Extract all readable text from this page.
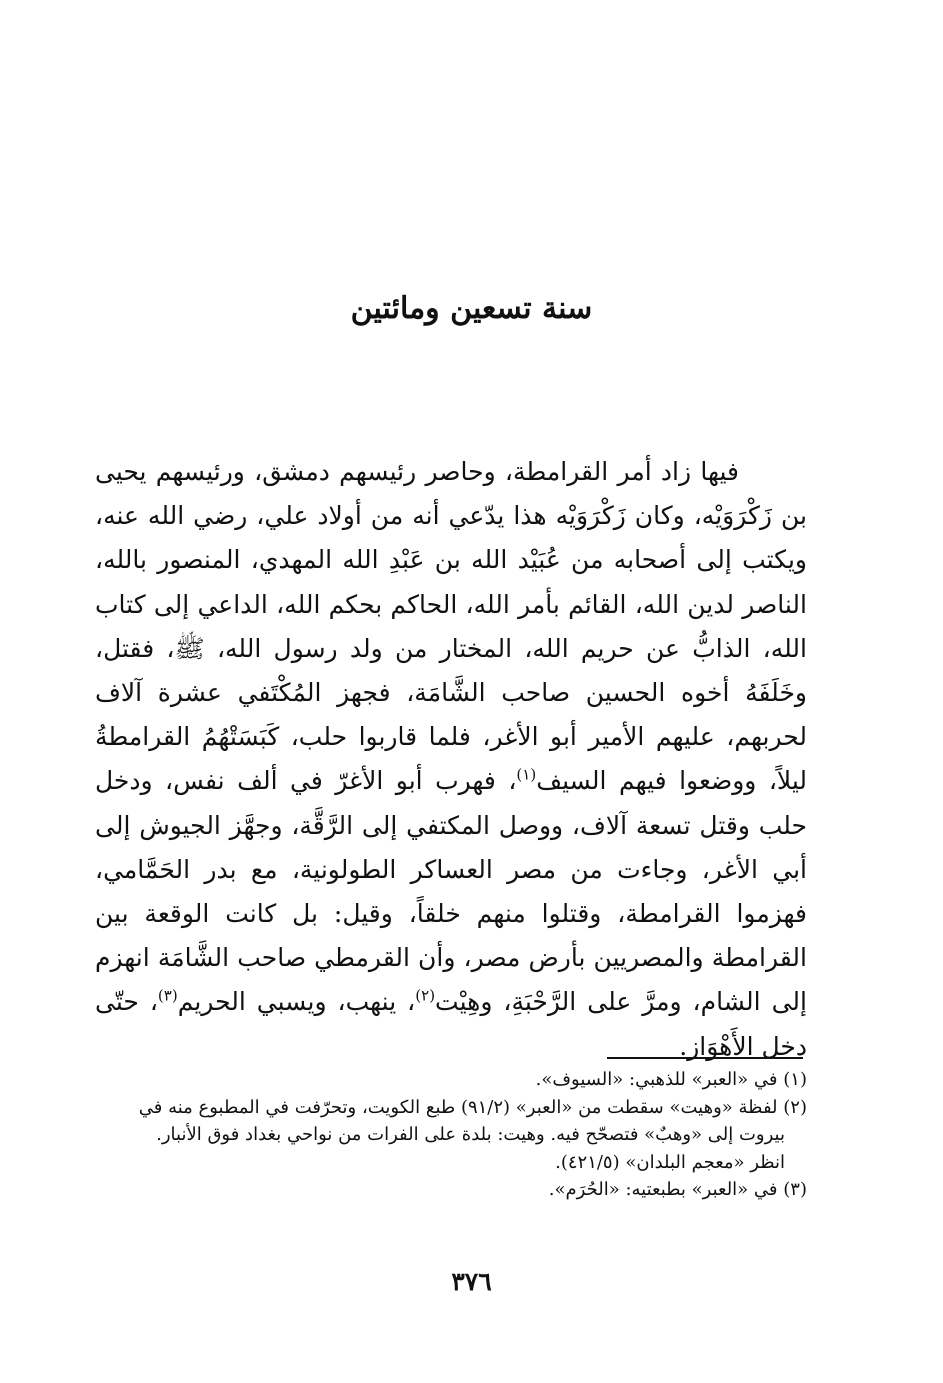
سنة تسعين ومائتين

فيها زاد أمر القرامطة، وحاصر رئيسهم دمشق، ورئيسهم يحيى بن زَكْرَوَيْه، وكان زَكْرَوَيْه هذا يدّعي أنه من أولاد علي، رضي الله عنه، ويكتب إلى أصحابه من عُبَيْد الله بن عَبْدِ الله المهدي، المنصور بالله، الناصر لدين الله، القائم بأمر الله، الحاكم بحكم الله، الداعي إلى كتاب الله، الذابُّ عن حريم الله، المختار من ولد رسول الله، ﷺ، فقتل، وخَلَفَهُ أخوه الحسين صاحب الشَّامَة، فجهز المُكْتَفي عشرة آلاف لحربهم، عليهم الأمير أبو الأغر، فلما قاربوا حلب، كَبَسَتْهُمُ القرامطةُ ليلاً، ووضعوا فيهم السيف$^{(١)}$، فهرب أبو الأغرّ في ألف نفس، ودخل حلب وقتل تسعة آلاف، ووصل المكتفي إلى الرَّقَّة، وجهَّز الجيوش إلى أبي الأغر، وجاءت من مصر العساكر الطولونية، مع بدر الحَمَّامي، فهزموا القرامطة، وقتلوا منهم خلقاً، وقيل: بل كانت الوقعة بين القرامطة والمصريين بأرض مصر، وأن القرمطي صاحب الشَّامَة انهزم إلى الشام، ومرَّ على الرَّحْبَةِ، وهِيْت$^{(٢)}$، ينهب، ويسبي الحريم$^{(٣)}$، حتّى دخل الأَهْوَاز.

(١) في «العبر» للذهبي: «السيوف».

(٢) لفظة «وهيت» سقطت من «العبر» (٩١/٢) طبع الكويت، وتحرّفت في المطبوع منه في

بيروت إلى «وهبٌ» فتصحّح فيه. وهيت: بلدة على الفرات من نواحي بغداد فوق الأنبار.

انظر «معجم البلدان» (٤٢١/٥).

(٣) في «العبر» بطبعتيه: «الحُرَم».

٣٧٦
